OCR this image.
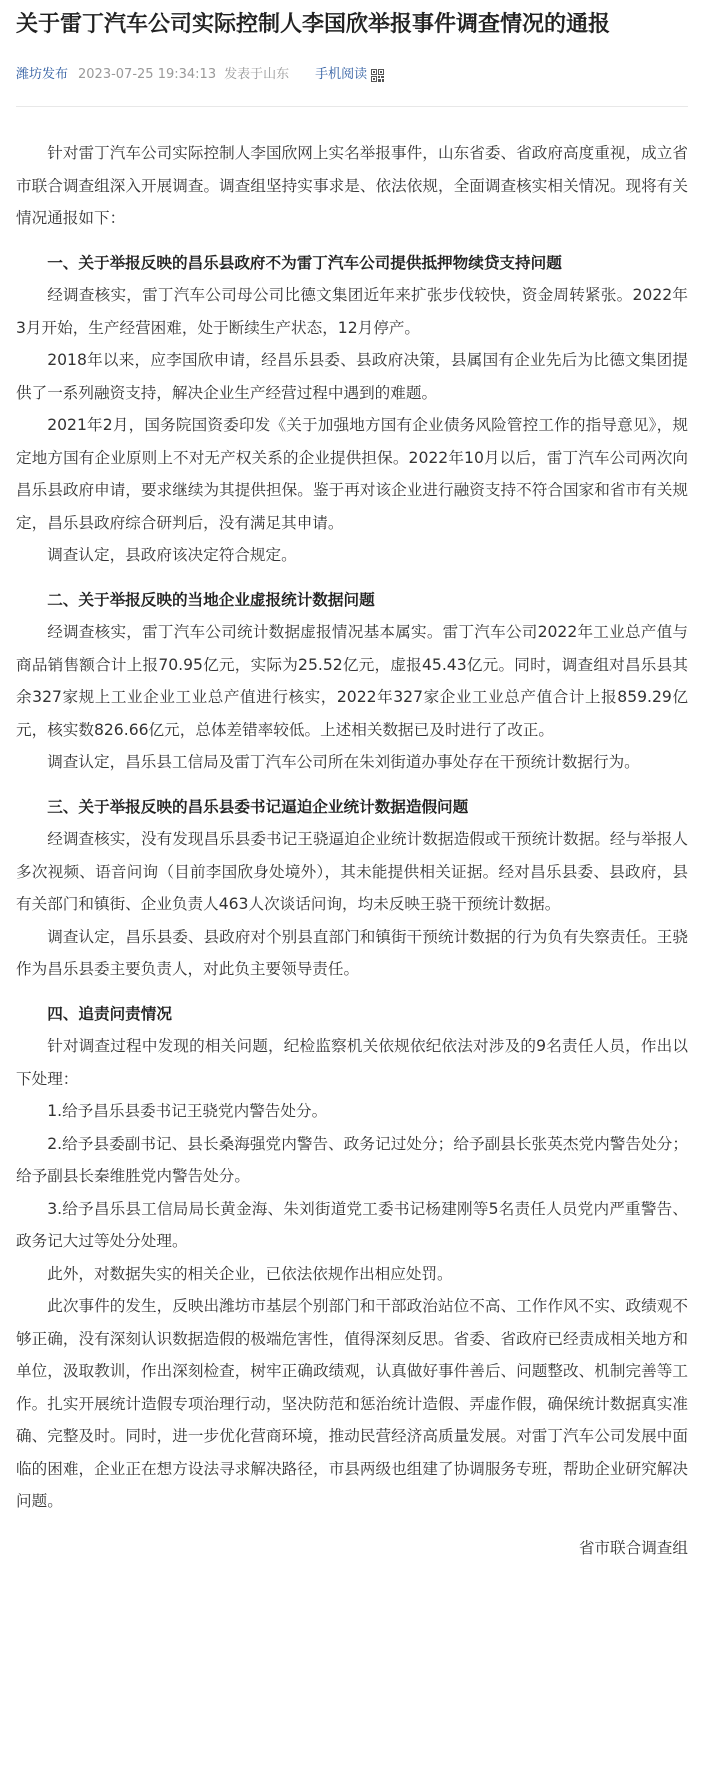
关于雷丁汽车公司实际控制人李国欣举报事件调查情况的通报
潍坊发布 2023-07-25 19:34:13 发表于山东 手机阅读

针对雷丁汽车公司实际控制人李国欣网上实名举报事件，山东省委、省政府高度重视，成立省市联合调查组深入开展调查。调查组坚持实事求是、依法依规，全面调查核实相关情况。现将有关情况通报如下：

一、关于举报反映的昌乐县政府不为雷丁汽车公司提供抵押物续贷支持问题

经调查核实，雷丁汽车公司母公司比德文集团近年来扩张步伐较快，资金周转紧张。2022年3月开始，生产经营困难，处于断续生产状态，12月停产。

2018年以来，应李国欣申请，经昌乐县委、县政府决策，县属国有企业先后为比德文集团提供了一系列融资支持，解决企业生产经营过程中遇到的难题。

2021年2月，国务院国资委印发《关于加强地方国有企业债务风险管控工作的指导意见》，规定地方国有企业原则上不对无产权关系的企业提供担保。2022年10月以后，雷丁汽车公司两次向昌乐县政府申请，要求继续为其提供担保。鉴于再对该企业进行融资支持不符合国家和省市有关规定，昌乐县政府综合研判后，没有满足其申请。

调查认定，县政府该决定符合规定。

二、关于举报反映的当地企业虚报统计数据问题

经调查核实，雷丁汽车公司统计数据虚报情况基本属实。雷丁汽车公司2022年工业总产值与商品销售额合计上报70.95亿元，实际为25.52亿元，虚报45.43亿元。同时，调查组对昌乐县其余327家规上工业企业工业总产值进行核实，2022年327家企业工业总产值合计上报859.29亿元，核实数826.66亿元，总体差错率较低。上述相关数据已及时进行了改正。

调查认定，昌乐县工信局及雷丁汽车公司所在朱刘街道办事处存在干预统计数据行为。

三、关于举报反映的昌乐县委书记逼迫企业统计数据造假问题

经调查核实，没有发现昌乐县委书记王骁逼迫企业统计数据造假或干预统计数据。经与举报人多次视频、语音问询（目前李国欣身处境外），其未能提供相关证据。经对昌乐县委、县政府，县有关部门和镇街、企业负责人463人次谈话问询，均未反映王骁干预统计数据。

调查认定，昌乐县委、县政府对个别县直部门和镇街干预统计数据的行为负有失察责任。王骁作为昌乐县委主要负责人，对此负主要领导责任。

四、追责问责情况

针对调查过程中发现的相关问题，纪检监察机关依规依纪依法对涉及的9名责任人员，作出以下处理：

1.给予昌乐县委书记王骁党内警告处分。

2.给予县委副书记、县长桑海强党内警告、政务记过处分；给予副县长张英杰党内警告处分；给予副县长秦维胜党内警告处分。

3.给予昌乐县工信局局长黄金海、朱刘街道党工委书记杨建刚等5名责任人员党内严重警告、政务记大过等处分处理。

此外，对数据失实的相关企业，已依法依规作出相应处罚。

此次事件的发生，反映出潍坊市基层个别部门和干部政治站位不高、工作作风不实、政绩观不够正确，没有深刻认识数据造假的极端危害性，值得深刻反思。省委、省政府已经责成相关地方和单位，汲取教训，作出深刻检查，树牢正确政绩观，认真做好事件善后、问题整改、机制完善等工作。扎实开展统计造假专项治理行动，坚决防范和惩治统计造假、弄虚作假，确保统计数据真实准确、完整及时。同时，进一步优化营商环境，推动民营经济高质量发展。对雷丁汽车公司发展中面临的困难，企业正在想方设法寻求解决路径，市县两级也组建了协调服务专班，帮助企业研究解决问题。

省市联合调查组
